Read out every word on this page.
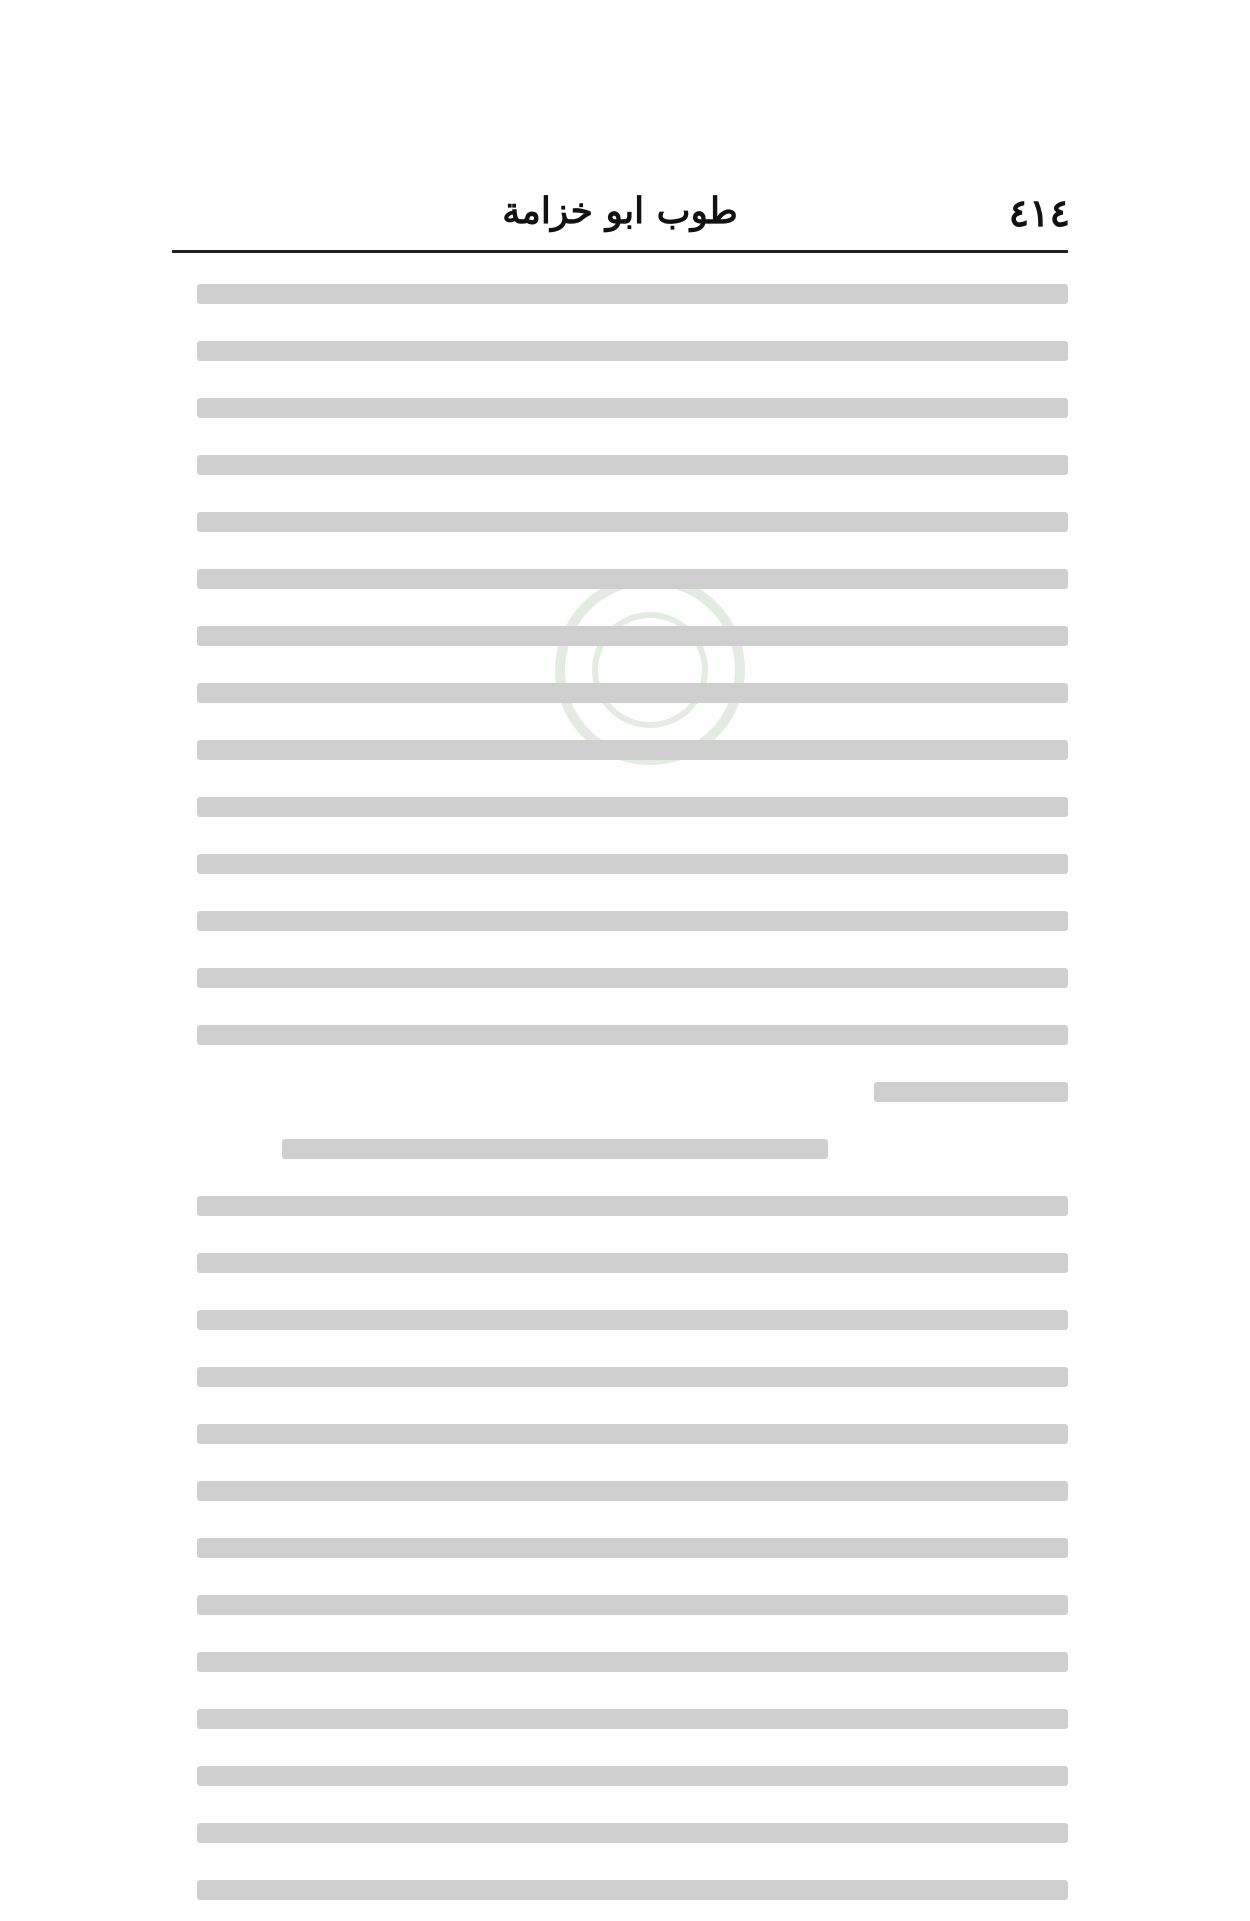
٤١٤
طوب ابو خزامة
